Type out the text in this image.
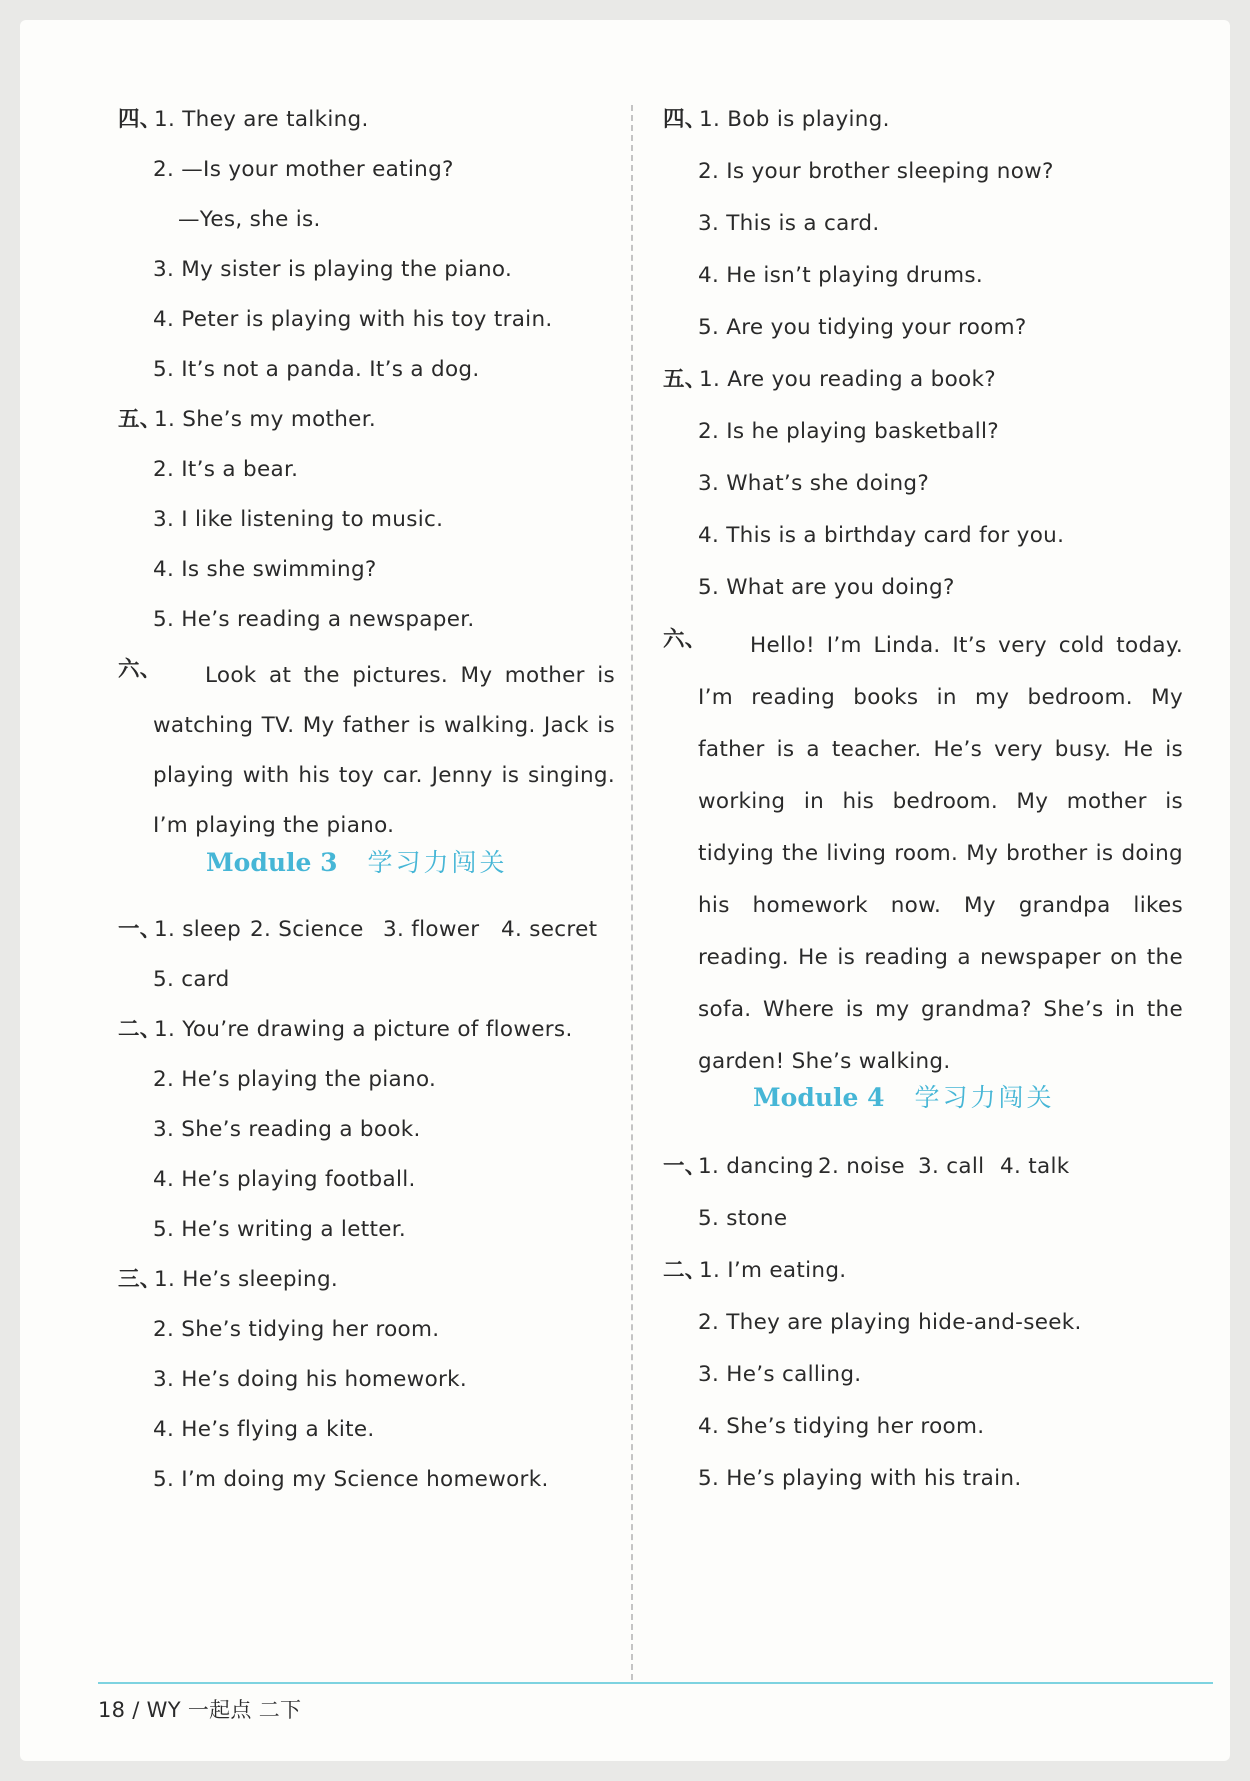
四、1. They are talking.
2. —Is your mother eating?
—Yes, she is.
3. My sister is playing the piano.
4. Peter is playing with his toy train.
5. It’s not a panda. It’s a dog.
五、1. She’s my mother.
2. It’s a bear.
3. I like listening to music.
4. Is she swimming?
5. He’s reading a newspaper.
六、	Look at the pictures. My mother is watching TV. My father is walking. Jack is playing with his toy car. Jenny is singing. I’m playing the piano.
Module 3 学习力闯关
一、
1. sleep 2. Science 3. flower 4. secret
5. card
二、1. You’re drawing a picture of flowers.
2. He’s playing the piano.
3. She’s reading a book.
4. He’s playing football.
5. He’s writing a letter.
三、1. He’s sleeping.
2. She’s tidying her room.
3. He’s doing his homework.
4. He’s flying a kite.
5. I’m doing my Science homework.
四、1. Bob is playing.
2. Is your brother sleeping now?
3. This is a card.
4. He isn’t playing drums.
5. Are you tidying your room?
五、1. Are you reading a book?
2. Is he playing basketball?
3. What’s she doing?
4. This is a birthday card for you.
5. What are you doing?
六、	Hello! I’m Linda. It’s very cold today. I’m reading books in my bedroom. My father is a teacher. He’s very busy. He is working in his bedroom. My mother is tidying the living room. My brother is doing his homework now. My grandpa likes reading. He is reading a newspaper on the sofa. Where is my grandma? She’s in the garden! She’s walking.
Module 4 学习力闯关
一、
1. dancing 2. noise 3. call 4. talk
5. stone
二、1. I’m eating.
2. They are playing hide-and-seek.
3. He’s calling.
4. She’s tidying her room.
5. He’s playing with his train.
18 / WY 一起点 二下
